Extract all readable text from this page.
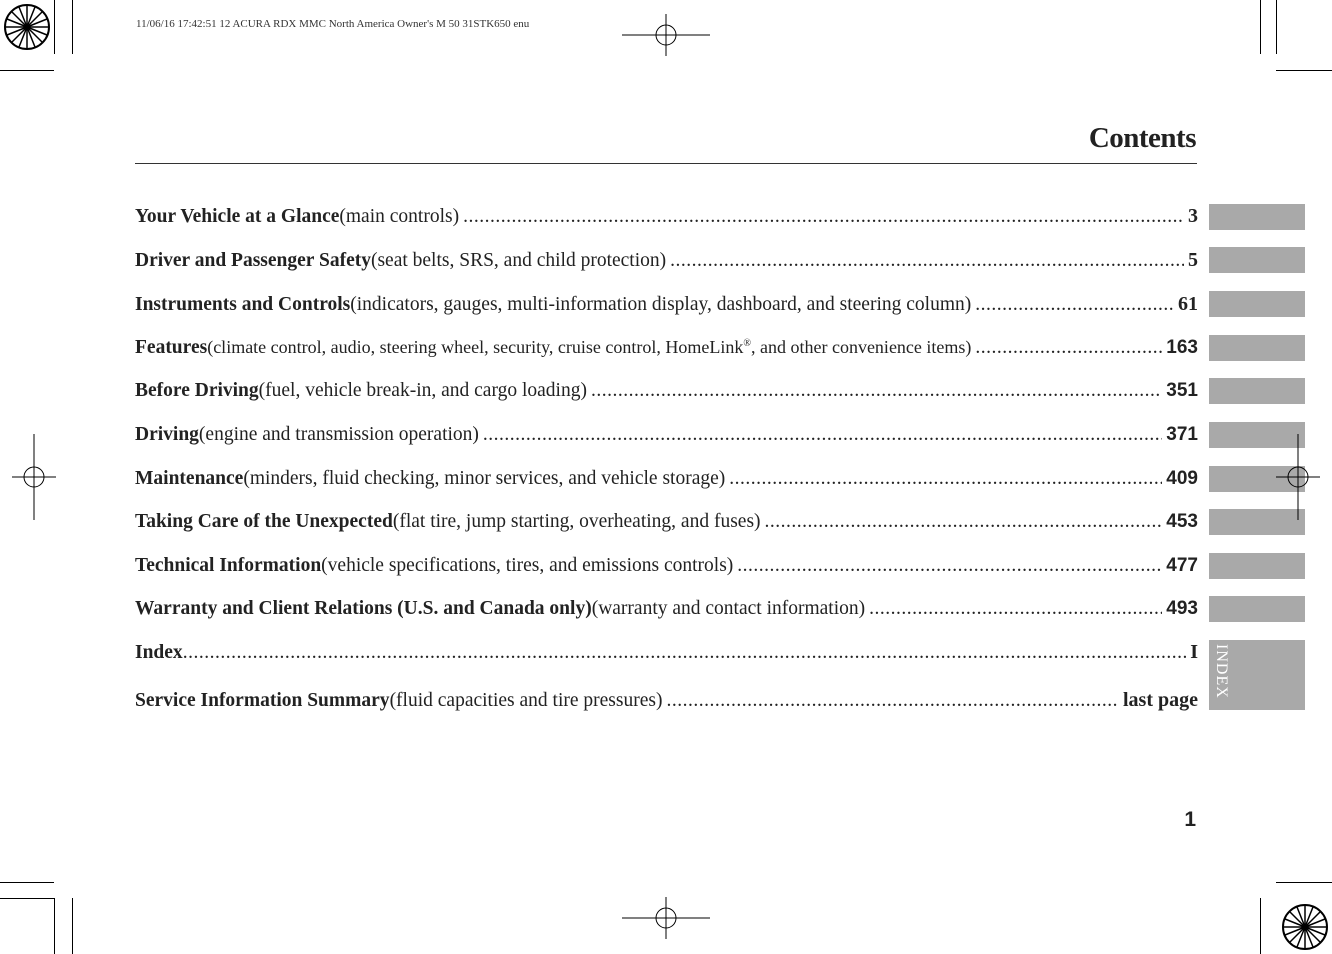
11/06/16 17:42:51 12 ACURA RDX MMC North America Owner's M 50 31STK650 enu
Contents
Your Vehicle at a Glance (main controls) .....	3
Driver and Passenger Safety (seat belts, SRS, and child protection) .....	5
Instruments and Controls (indicators, gauges, multi-information display, dashboard, and steering column) .....	61
Features (climate control, audio, steering wheel, security, cruise control, HomeLink®, and other convenience items) .....	163
Before Driving (fuel, vehicle break-in, and cargo loading) .....	351
Driving (engine and transmission operation) .....	371
Maintenance (minders, fluid checking, minor services, and vehicle storage) .....	409
Taking Care of the Unexpected (flat tire, jump starting, overheating, and fuses) .....	453
Technical Information (vehicle specifications, tires, and emissions controls) .....	477
Warranty and Client Relations (U.S. and Canada only) (warranty and contact information) .....	493
Index .....	I
Service Information Summary (fluid capacities and tire pressures) .....	last page
INDEX
1
